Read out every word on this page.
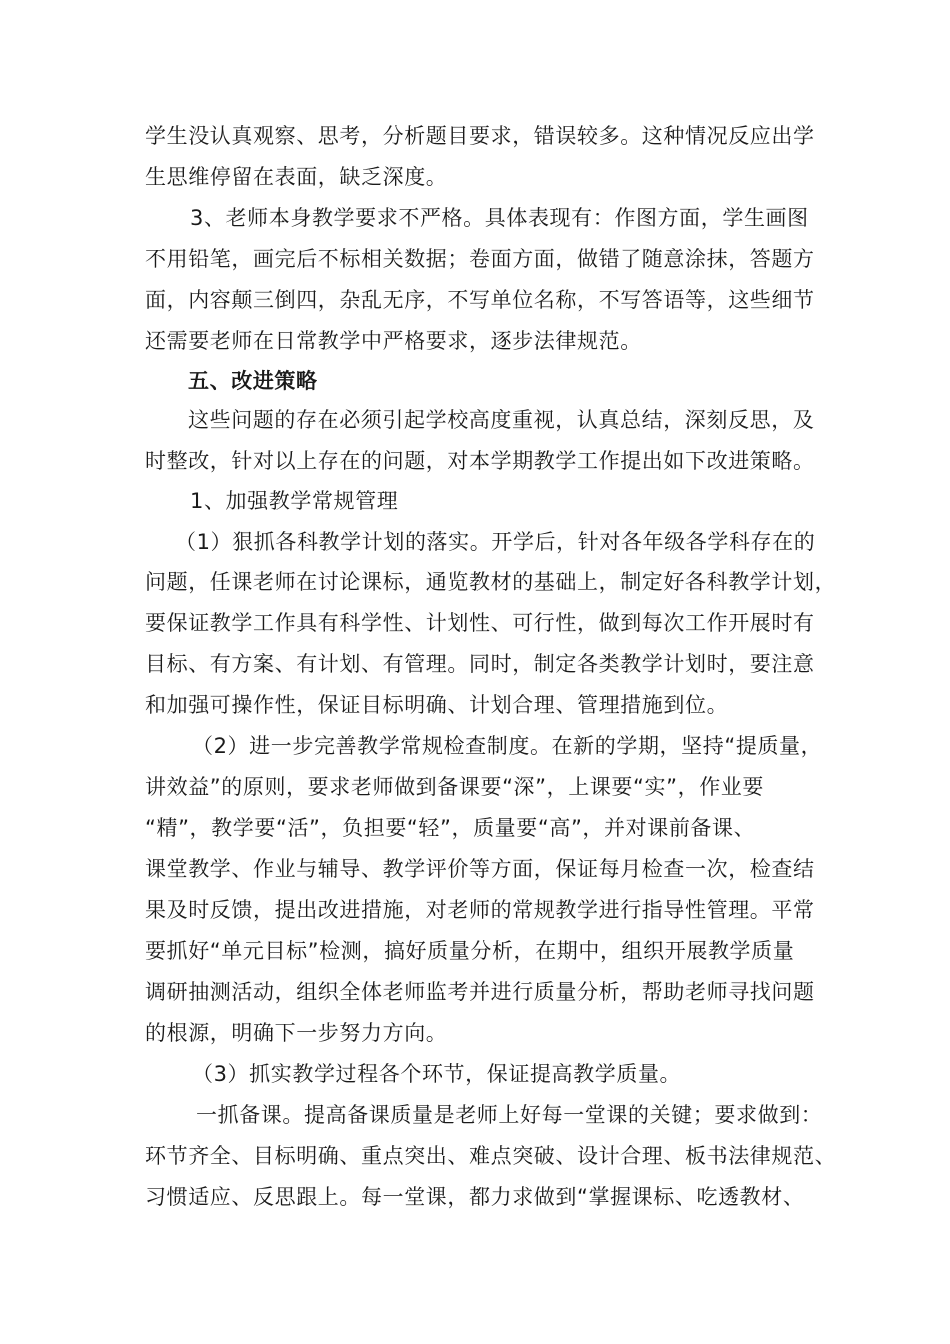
学生没认真观察、思考，分析题目要求，错误较多。这种情况反应出学
生思维停留在表面，缺乏深度。
3、老师本身教学要求不严格。具体表现有：作图方面，学生画图
不用铅笔，画完后不标相关数据；卷面方面，做错了随意涂抹，答题方
面，内容颠三倒四，杂乱无序，不写单位名称，不写答语等，这些细节
还需要老师在日常教学中严格要求，逐步法律规范。
五、改进策略
这些问题的存在必须引起学校高度重视，认真总结，深刻反思，及
时整改，针对以上存在的问题，对本学期教学工作提出如下改进策略。
1、加强教学常规管理
（1）狠抓各科教学计划的落实。开学后，针对各年级各学科存在的
问题，任课老师在讨论课标，通览教材的基础上，制定好各科教学计划，
要保证教学工作具有科学性、计划性、可行性，做到每次工作开展时有
目标、有方案、有计划、有管理。同时，制定各类教学计划时，要注意
和加强可操作性，保证目标明确、计划合理、管理措施到位。
（2）进一步完善教学常规检查制度。在新的学期，坚持“提质量，
讲效益”的原则，要求老师做到备课要“深”，上课要“实”，作业要
“精”，教学要“活”，负担要“轻”，质量要“高”，并对课前备课、
课堂教学、作业与辅导、教学评价等方面，保证每月检查一次，检查结
果及时反馈，提出改进措施，对老师的常规教学进行指导性管理。平常
要抓好“单元目标”检测，搞好质量分析，在期中，组织开展教学质量
调研抽测活动，组织全体老师监考并进行质量分析，帮助老师寻找问题
的根源，明确下一步努力方向。
（3）抓实教学过程各个环节，保证提高教学质量。
一抓备课。提高备课质量是老师上好每一堂课的关键；要求做到：
环节齐全、目标明确、重点突出、难点突破、设计合理、板书法律规范、
习惯适应、反思跟上。每一堂课，都力求做到“掌握课标、吃透教材、
